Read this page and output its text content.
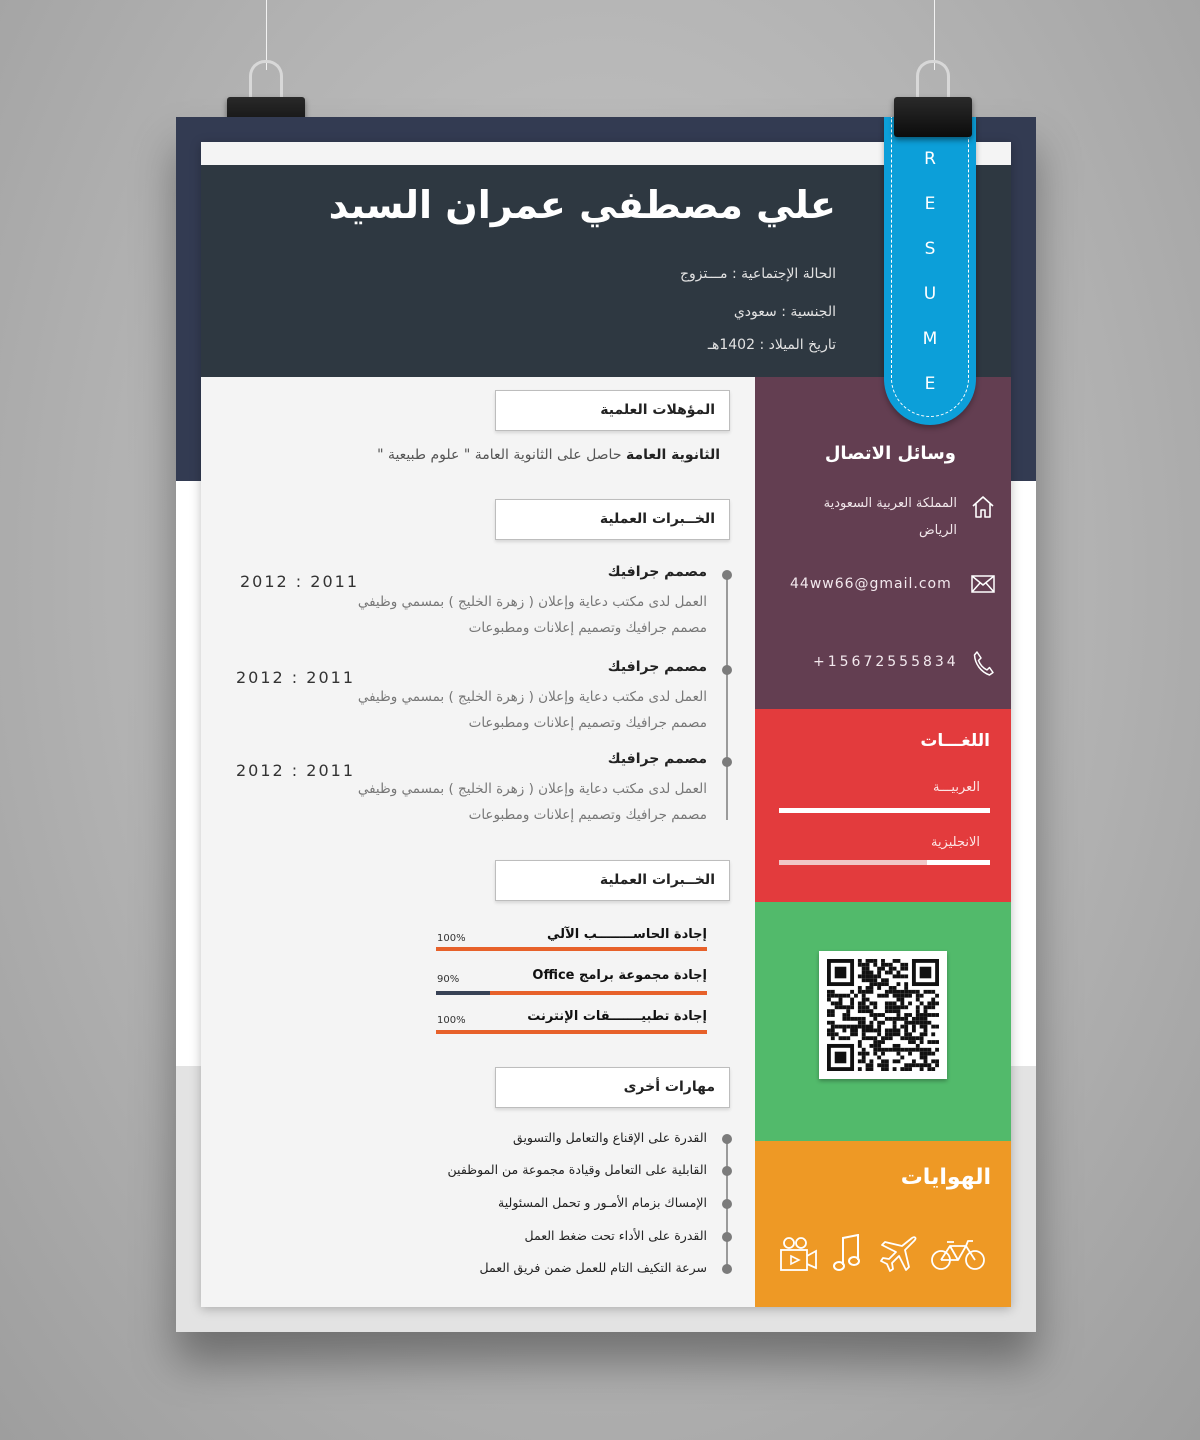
علي مصطفي عمران السيد
الحالة الإجتماعية : مـــتزوج
الجنسية : سعودي
تاريخ الميلاد : 1402هـ
R
E
S
U
M
E
وسائل الاتصال
المملكة العربية السعودية
الرياض
44ww66@gmail.com
+15672555834
اللغـــات
العربيـــة
الانجليزية
الهوايات
المؤهلات العلمية
الثانوية العامة حاصل على الثانوية العامة " علوم طبيعية "
الخــبرات العملية
مصمم جرافيك
2012 : 2011
العمل لدى مكتب دعاية وإعلان ( زهرة الخليج ) بمسمي وظيفي
مصمم جرافيك وتصميم إعلانات ومطبوعات
مصمم جرافيك
2012 : 2011
العمل لدى مكتب دعاية وإعلان ( زهرة الخليج ) بمسمي وظيفي
مصمم جرافيك وتصميم إعلانات ومطبوعات
مصمم جرافيك
2012 : 2011
العمل لدى مكتب دعاية وإعلان ( زهرة الخليج ) بمسمي وظيفي
مصمم جرافيك وتصميم إعلانات ومطبوعات
الخــبرات العملية
إجادة الحاســــــــب الآلي
100%
إجادة مجموعة برامج Office
90%
إجادة تطبيـــــــقات الإنترنت
100%
مهارات أخرى
القدرة على الإقناع والتعامل والتسويق
القابلية على التعامل وقيادة مجموعة من الموظفين
الإمساك بزمام الأمـور و تحمل المسئولية
القدرة على الأداء تحت ضغط العمل
سرعة التكيف التام للعمل ضمن فريق العمل
